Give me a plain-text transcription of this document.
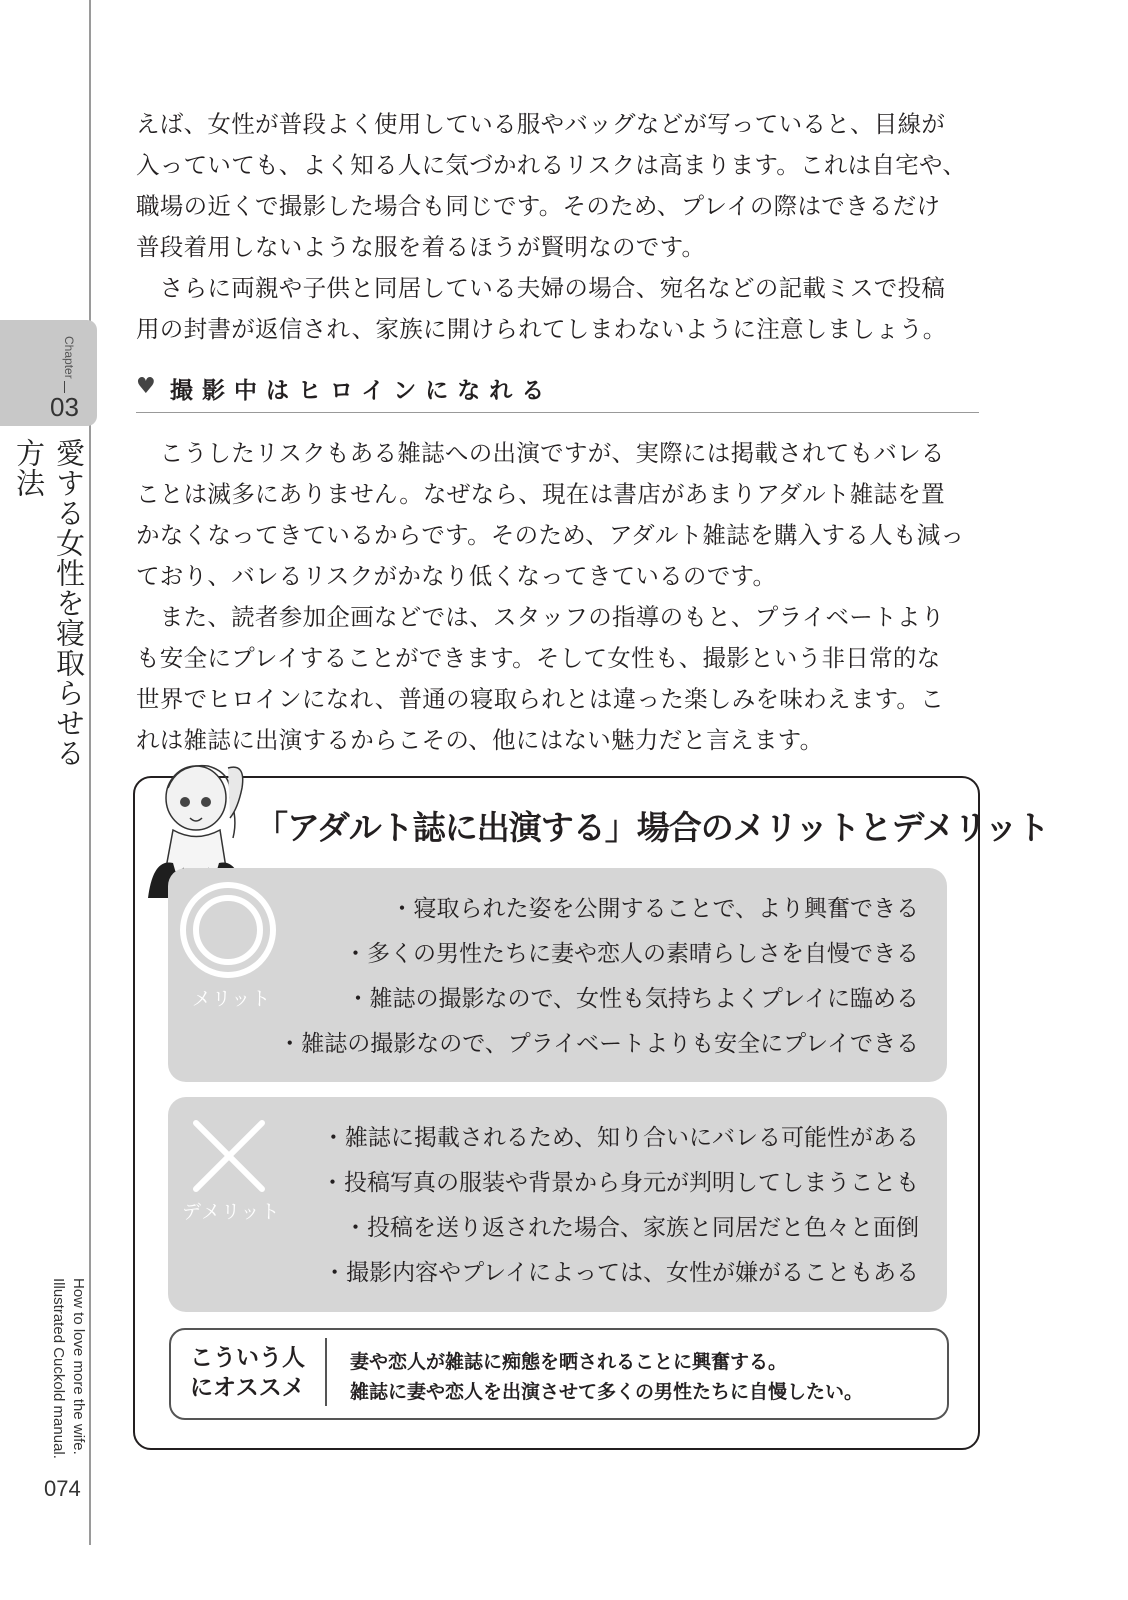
Chapter
03
愛する女性を寝取らせる方法
How to love more the wife.
Illustrated Cuckold manual.
074
えば、女性が普段よく使用している服やバッグなどが写っていると、目線が
入っていても、よく知る人に気づかれるリスクは高まります。これは自宅や、
職場の近くで撮影した場合も同じです。そのため、プレイの際はできるだけ
普段着用しないような服を着るほうが賢明なのです。
　さらに両親や子供と同居している夫婦の場合、宛名などの記載ミスで投稿
用の封書が返信され、家族に開けられてしまわないように注意しましょう。
♥ 撮影中はヒロインになれる
　こうしたリスクもある雑誌への出演ですが、実際には掲載されてもバレる
ことは滅多にありません。なぜなら、現在は書店があまりアダルト雑誌を置
かなくなってきているからです。そのため、アダルト雑誌を購入する人も減っ
ており、バレるリスクがかなり低くなってきているのです。
　また、読者参加企画などでは、スタッフの指導のもと、プライベートより
も安全にプレイすることができます。そして女性も、撮影という非日常的な
世界でヒロインになれ、普通の寝取られとは違った楽しみを味わえます。こ
れは雑誌に出演するからこその、他にはない魅力だと言えます。
「アダルト誌に出演する」場合のメリットとデメリット
メリット
・寝取られた姿を公開することで、より興奮できる
・多くの男性たちに妻や恋人の素晴らしさを自慢できる
・雑誌の撮影なので、女性も気持ちよくプレイに臨める
・雑誌の撮影なので、プライベートよりも安全にプレイできる
デメリット
・雑誌に掲載されるため、知り合いにバレる可能性がある
・投稿写真の服装や背景から身元が判明してしまうことも
・投稿を送り返された場合、家族と同居だと色々と面倒
・撮影内容やプレイによっては、女性が嫌がることもある
こういう人
にオススメ
妻や恋人が雑誌に痴態を晒されることに興奮する。
雑誌に妻や恋人を出演させて多くの男性たちに自慢したい。
